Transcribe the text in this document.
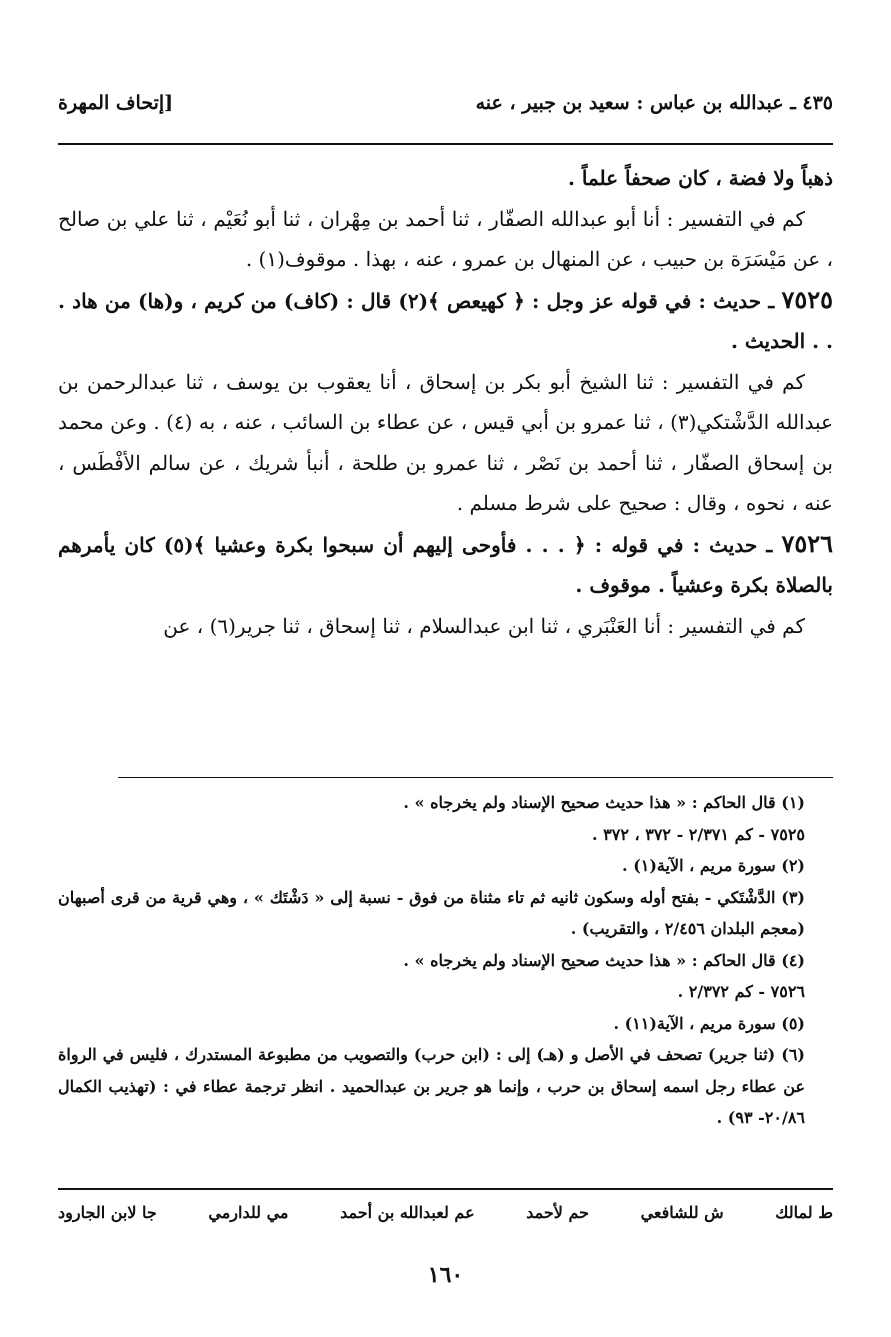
٤٣٥ ـ عبدالله بن عباس : سعيد بن جبير ، عنه
[إتحاف المهرة

ذهباً ولا فضة ، كان صحفاً علماً .

كم في التفسير : أنا أبو عبدالله الصفّار ، ثنا أحمد بن مِهْران ، ثنا أبو نُعَيْم ، ثنا علي بن صالح ، عن مَيْسَرَة بن حبيب ، عن المنهال بن عمرو ، عنه ، بهذا . موقوف(١) .

٧٥٢٥ ـ حديث : في قوله عز وجل : ﴿ كهيعص ﴾(٢) قال : (كاف) من كريم ، و(ها) من هاد . . . الحديث .

كم في التفسير : ثنا الشيخ أبو بكر بن إسحاق ، أنا يعقوب بن يوسف ، ثنا عبدالرحمن بن عبدالله الدَّشْتكي(٣) ، ثنا عمرو بن أبي قيس ، عن عطاء بن السائب ، عنه ، به (٤) . وعن محمد بن إسحاق الصفّار ، ثنا أحمد بن نَصْر ، ثنا عمرو بن طلحة ، أنبأ شريك ، عن سالم الأفْطَس ، عنه ، نحوه ، وقال : صحيح على شرط مسلم .

٧٥٢٦ ـ حديث : في قوله : ﴿ . . . فأوحى إليهم أن سبحوا بكرة وعشيا ﴾(٥) كان يأمرهم بالصلاة بكرة وعشياً . موقوف .

كم في التفسير : أنا العَنْبَري ، ثنا ابن عبدالسلام ، ثنا إسحاق ، ثنا جرير(٦) ، عن

(١) قال الحاكم : « هذا حديث صحيح الإسناد ولم يخرجاه » .

٧٥٢٥ - كم ٢/٣٧١ - ٣٧٢ ، ٣٧٢ .

(٢) سورة مريم ، الآية(١) .

(٣) الدَّشْتَكي - بفتح أوله وسكون ثانيه ثم تاء مثناة من فوق - نسبة إلى « دَشْتَك » ، وهي قرية من قرى أصبهان (معجم البلدان ٢/٤٥٦ ، والتقريب) .

(٤) قال الحاكم : « هذا حديث صحيح الإسناد ولم يخرجاه » .

٧٥٢٦ - كم ٢/٣٧٢ .

(٥) سورة مريم ، الآية(١١) .

(٦) (ثنا جرير) تصحف في الأصل و (هـ) إلى : (ابن حرب) والتصويب من مطبوعة المستدرك ، فليس في الرواة عن عطاء رجل اسمه إسحاق بن حرب ، وإنما هو جرير بن عبدالحميد . انظر ترجمة عطاء في : (تهذيب الكمال ٢٠/٨٦- ٩٣) .

ط لمالك
ش للشافعي
حم لأحمد
عم لعبدالله بن أحمد
مي للدارمي
جا لابن الجارود
١٦٠
